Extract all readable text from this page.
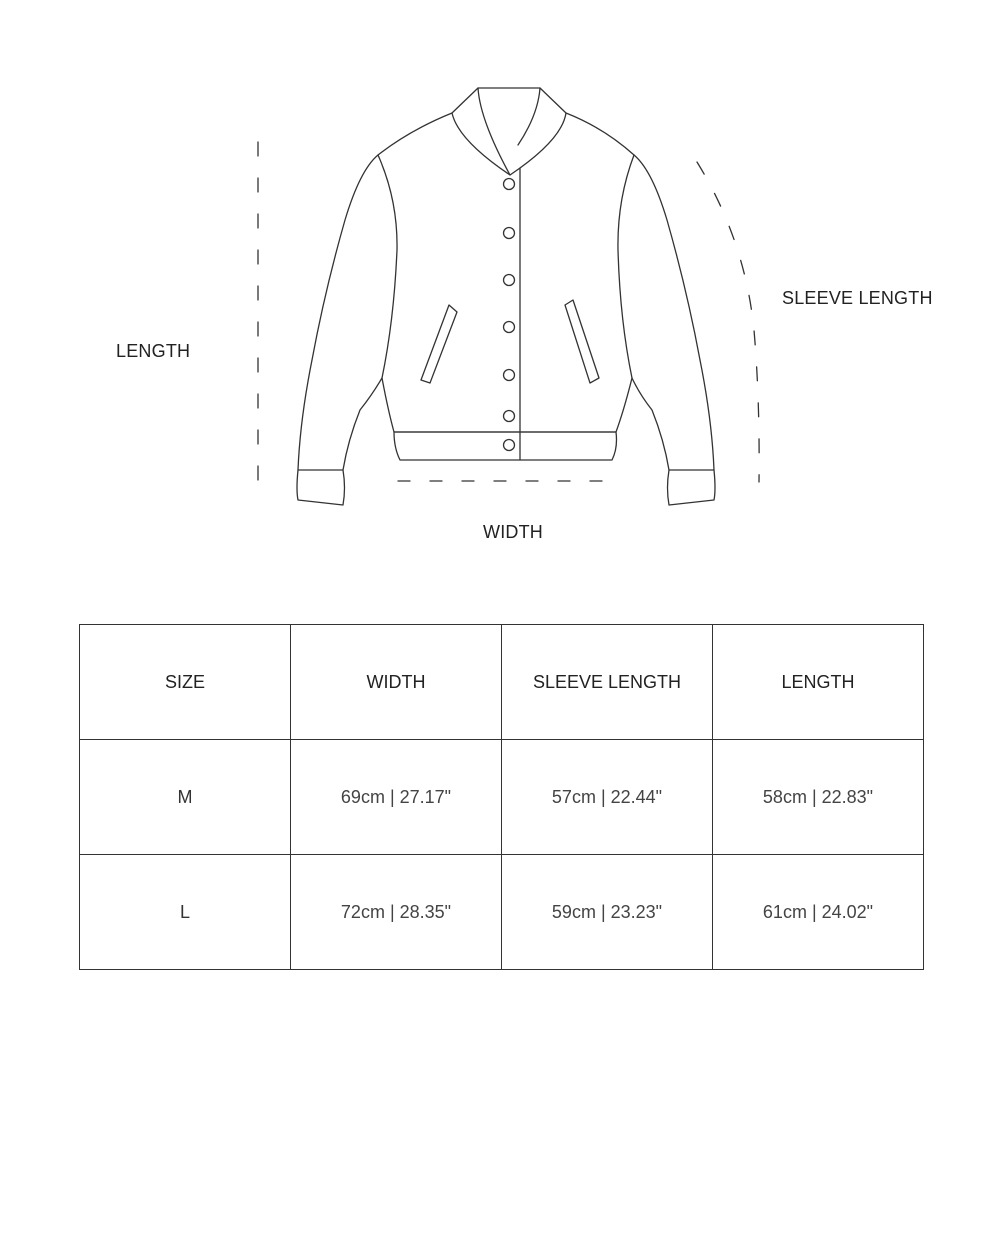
LENGTH
SLEEVE LENGTH
WIDTH
SIZE	WIDTH	SLEEVE LENGTH	LENGTH
M	69cm | 27.17"	57cm | 22.44"	58cm | 22.83"
L	72cm | 28.35"	59cm | 23.23"	61cm | 24.02"
